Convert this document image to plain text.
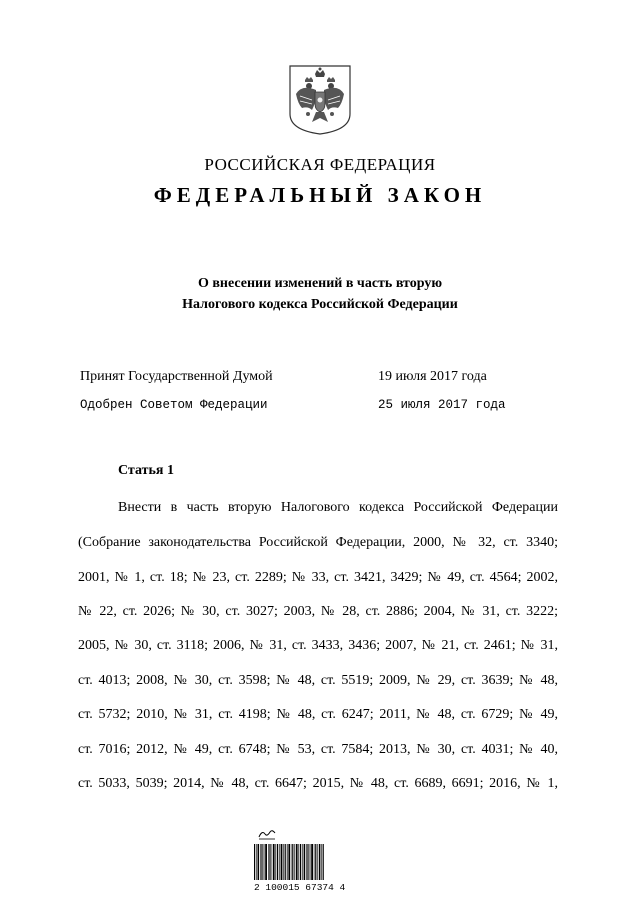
РОССИЙСКАЯ ФЕДЕРАЦИЯ
ФЕДЕРАЛЬНЫЙ ЗАКОН
О внесении изменений в часть вторую
Налогового кодекса Российской Федерации
Принят Государственной Думой	19 июля 2017 года
Одобрен Советом Федерации	25 июля 2017 года
Статья 1
Внести в часть вторую Налогового кодекса Российской Федерации
(Собрание законодательства Российской Федерации, 2000, № 32, ст. 3340;
2001, № 1, ст. 18; № 23, ст. 2289; № 33, ст. 3421, 3429; № 49, ст. 4564; 2002,
№ 22, ст. 2026; № 30, ст. 3027; 2003, № 28, ст. 2886; 2004, № 31, ст. 3222;
2005, № 30, ст. 3118; 2006, № 31, ст. 3433, 3436; 2007, № 21, ст. 2461; № 31,
ст. 4013; 2008, № 30, ст. 3598; № 48, ст. 5519; 2009, № 29, ст. 3639; № 48,
ст. 5732; 2010, № 31, ст. 4198; № 48, ст. 6247; 2011, № 48, ст. 6729; № 49,
ст. 7016; 2012, № 49, ст. 6748; № 53, ст. 7584; 2013, № 30, ст. 4031; № 40,
ст. 5033, 5039; 2014, № 48, ст. 6647; 2015, № 48, ст. 6689, 6691; 2016, № 1,
2 100015 67374 4
